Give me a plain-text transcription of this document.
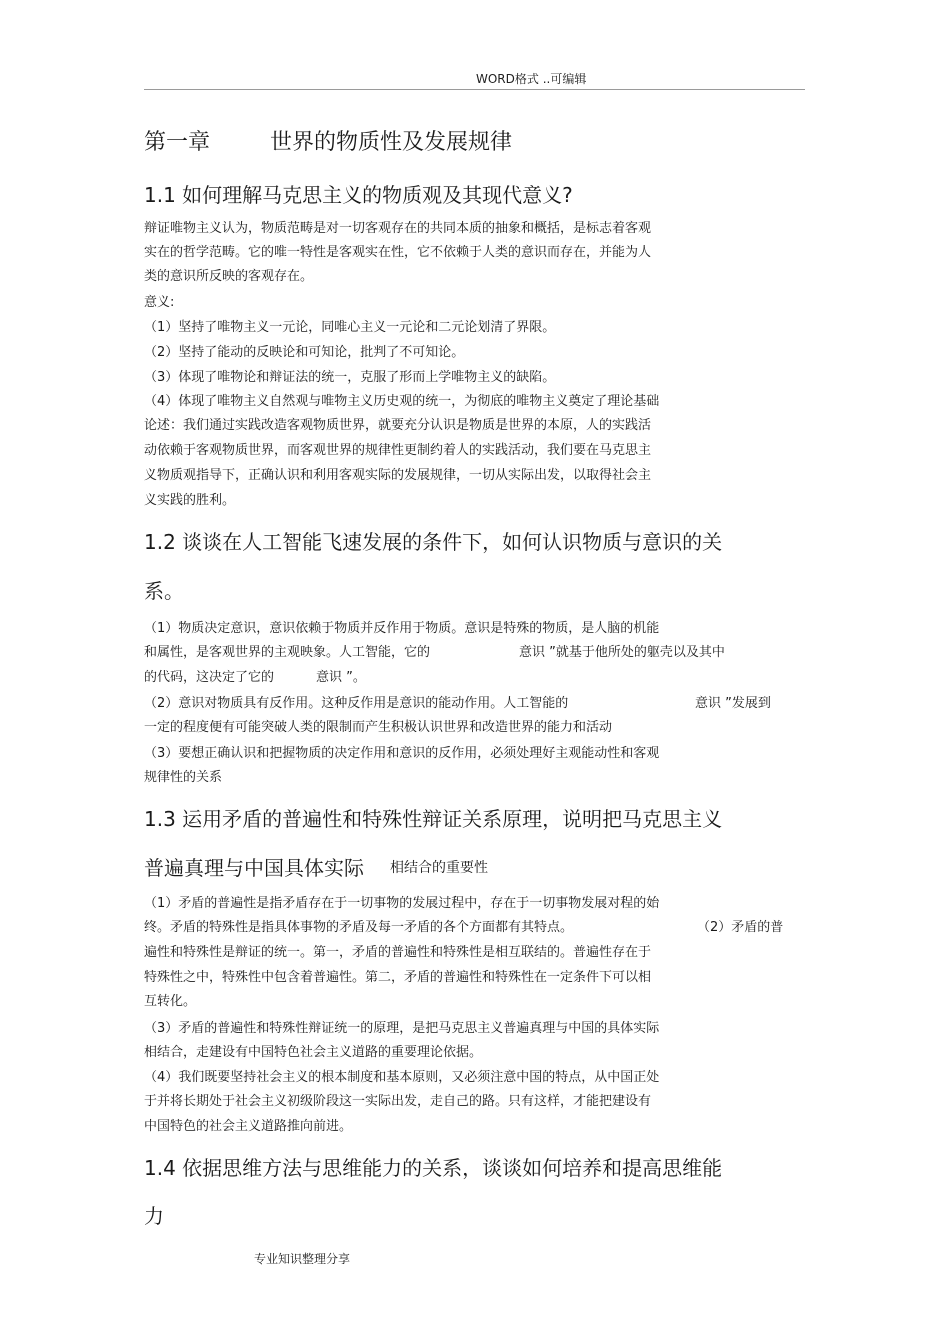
WORD格式 ..可编辑
第一章	世界的物质性及发展规律
1.1 如何理解马克思主义的物质观及其现代意义?
辩证唯物主义认为，物质范畴是对一切客观存在的共同本质的抽象和概括，是标志着客观
实在的哲学范畴。它的唯一特性是客观实在性，它不依赖于人类的意识而存在，并能为人
类的意识所反映的客观存在。
意义:
（1）坚持了唯物主义一元论，同唯心主义一元论和二元论划清了界限。
（2）坚持了能动的反映论和可知论，批判了不可知论。
（3）体现了唯物论和辩证法的统一，克服了形而上学唯物主义的缺陷。
（4）体现了唯物主义自然观与唯物主义历史观的统一，为彻底的唯物主义奠定了理论基础
论述：我们通过实践改造客观物质世界，就要充分认识是物质是世界的本原，人的实践活
动依赖于客观物质世界，而客观世界的规律性更制约着人的实践活动，我们要在马克思主
义物质观指导下，正确认识和利用客观实际的发展规律，一切从实际出发，以取得社会主
义实践的胜利。
1.2 谈谈在人工智能飞速发展的条件下，如何认识物质与意识的关
系。
（1）物质决定意识，意识依赖于物质并反作用于物质。意识是特殊的物质，是人脑的机能
和属性，是客观世界的主观映象。人工智能，它的	意识 ”就基于他所处的躯壳以及其中
的代码，这决定了它的	意识 ”。
（2）意识对物质具有反作用。这种反作用是意识的能动作用。人工智能的	意识 ”发展到
一定的程度便有可能突破人类的限制而产生积极认识世界和改造世界的能力和活动
（3）要想正确认识和把握物质的决定作用和意识的反作用，必须处理好主观能动性和客观
规律性的关系
1.3 运用矛盾的普遍性和特殊性辩证关系原理，说明把马克思主义
普遍真理与中国具体实际 相结合的重要性
（1）矛盾的普遍性是指矛盾存在于一切事物的发展过程中，存在于一切事物发展对程的始
终。矛盾的特殊性是指具体事物的矛盾及每一矛盾的各个方面都有其特点。	（2）矛盾的普
遍性和特殊性是辩证的统一。第一，矛盾的普遍性和特殊性是相互联结的。普遍性存在于
特殊性之中，特殊性中包含着普遍性。第二，矛盾的普遍性和特殊性在一定条件下可以相
互转化。
（3）矛盾的普遍性和特殊性辩证统一的原理，是把马克思主义普遍真理与中国的具体实际
相结合，走建设有中国特色社会主义道路的重要理论依据。
（4）我们既要坚持社会主义的根本制度和基本原则，又必须注意中国的特点，从中国正处
于并将长期处于社会主义初级阶段这一实际出发，走自己的路。只有这样，才能把建设有
中国特色的社会主义道路推向前进。
1.4 依据思维方法与思维能力的关系，谈谈如何培养和提高思维能
力
专业知识整理分享
